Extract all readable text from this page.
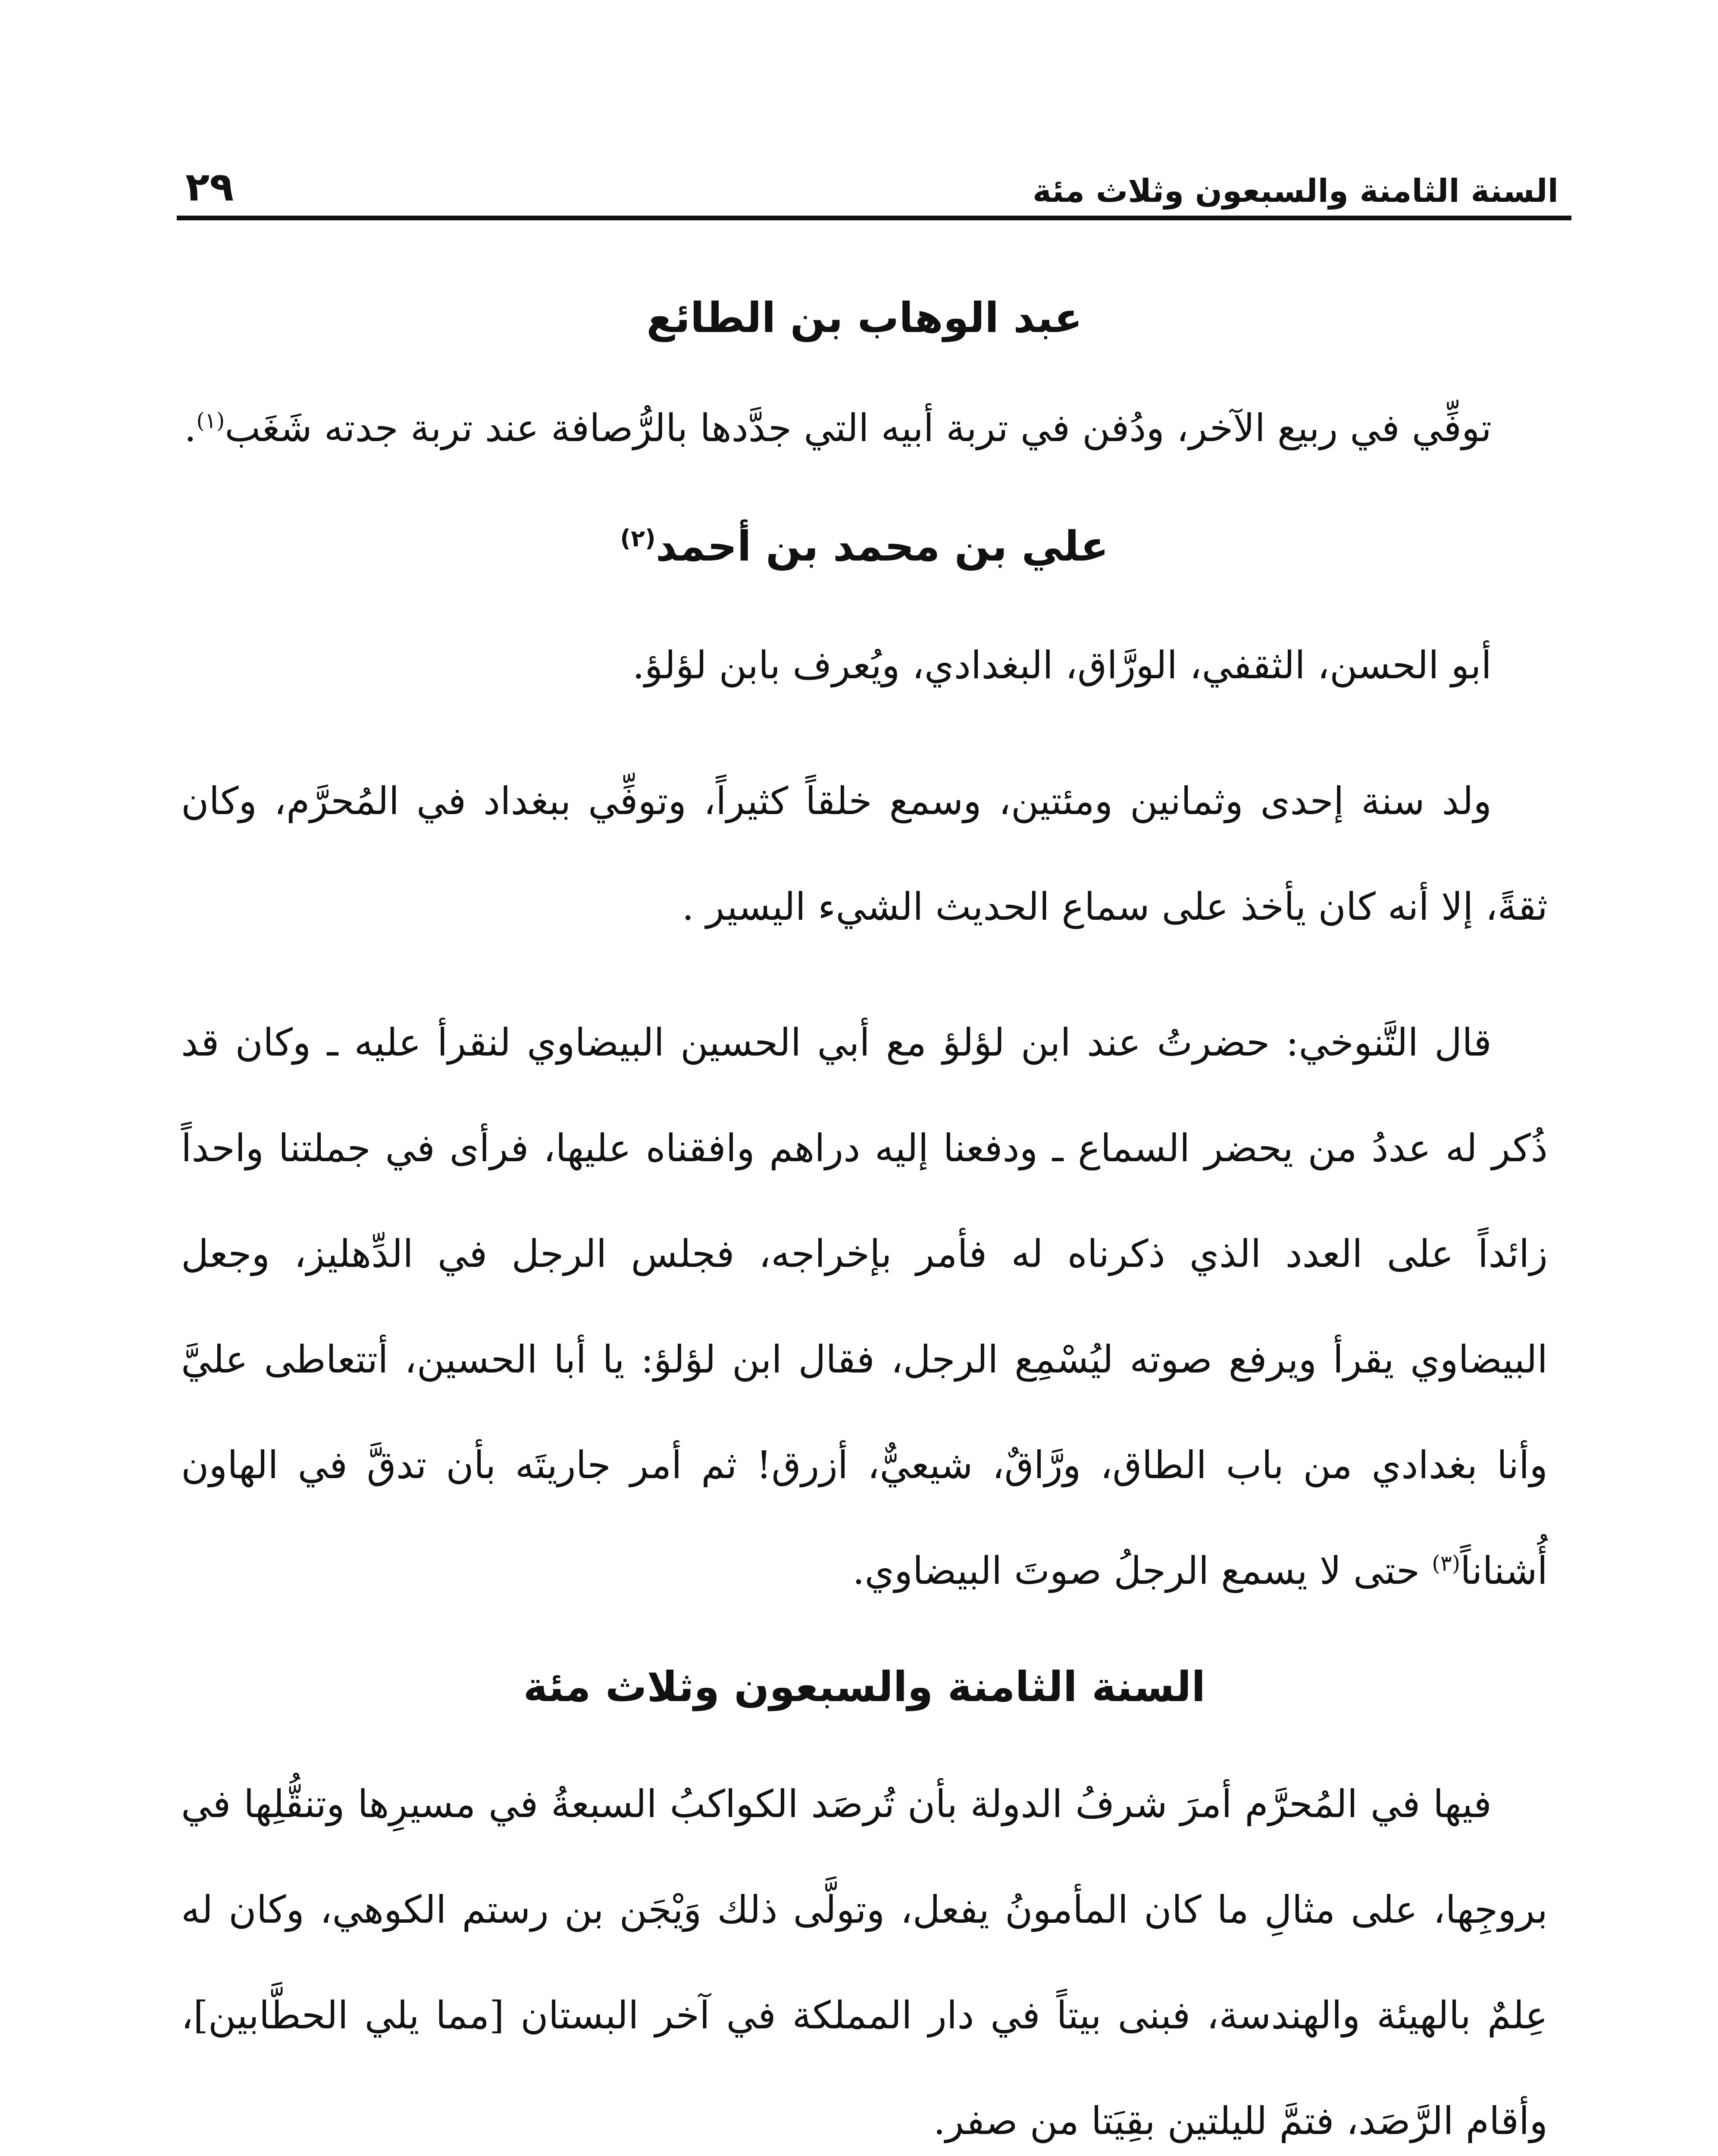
السنة الثامنة والسبعون وثلاث مئة
٢٩
عبد الوهاب بن الطائع

توفِّي في ربيع الآخر، ودُفن في تربة أبيه التي جدَّدها بالرُّصافة عند تربة جدته شَغَب$^{(١)}$.

علي بن محمد بن أحمد$^{(٢)}$

أبو الحسن، الثقفي، الورَّاق، البغدادي، ويُعرف بابن لؤلؤ.

ولد سنة إحدى وثمانين ومئتين، وسمع خلقاً كثيراً، وتوفِّي ببغداد في المُحرَّم، وكان ثقةً، إلا أنه كان يأخذ على سماع الحديث الشيء اليسير .

قال التَّنوخي: حضرتُ عند ابن لؤلؤ مع أبي الحسين البيضاوي لنقرأ عليه ـ وكان قد ذُكر له عددُ من يحضر السماع ـ ودفعنا إليه دراهم وافقناه عليها، فرأى في جملتنا واحداً زائداً على العدد الذي ذكرناه له فأمر بإخراجه، فجلس الرجل في الدِّهليز، وجعل البيضاوي يقرأ ويرفع صوته ليُسْمِع الرجل، فقال ابن لؤلؤ: يا أبا الحسين، أتتعاطى عليَّ وأنا بغدادي من باب الطاق، ورَّاقٌ، شيعيٌّ، أزرق! ثم أمر جاريتَه بأن تدقَّ في الهاون أُشناناً$^{(٣)}$ حتى لا يسمع الرجلُ صوتَ البيضاوي.

السنة الثامنة والسبعون وثلاث مئة

فيها في المُحرَّم أمرَ شرفُ الدولة بأن تُرصَد الكواكبُ السبعةُ في مسيرِها وتنقُّلِها في بروجِها، على مثالِ ما كان المأمونُ يفعل، وتولَّى ذلك وَيْجَن بن رستم الكوهي، وكان له عِلمٌ بالهيئة والهندسة، فبنى بيتاً في دار المملكة في آخر البستان [مما يلي الحطَّابين]، وأقام الرَّصَد، فتمَّ لليلتين بقِيَتا من صفر.
